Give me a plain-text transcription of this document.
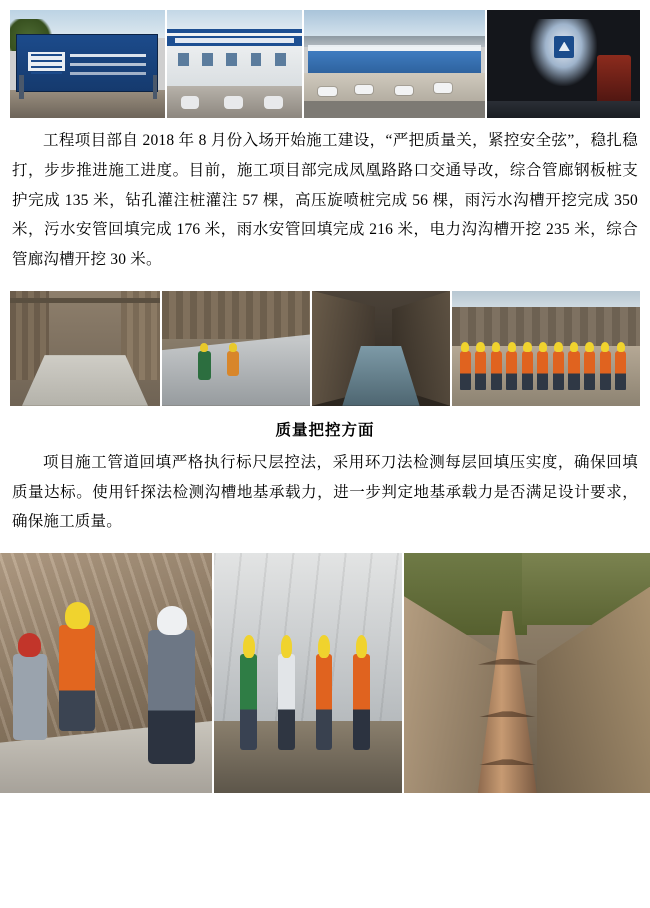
工程项目部自 2018 年 8 月份入场开始施工建设，“严把质量关，紧控安全弦”，稳扎稳打，步步推进施工进度。目前，施工项目部完成凤凰路路口交通导改，综合管廊钢板桩支护完成 135 米，钻孔灌注桩灌注 57 棵，高压旋喷桩完成 56 棵，雨污水沟槽开挖完成 350 米，污水安管回填完成 176 米，雨水安管回填完成 216 米，电力沟沟槽开挖 235 米，综合管廊沟槽开挖 30 米。

质量把控方面

项目施工管道回填严格执行标尺层控法，采用环刀法检测每层回填压实度，确保回填质量达标。使用钎探法检测沟槽地基承载力，进一步判定地基承载力是否满足设计要求，确保施工质量。
